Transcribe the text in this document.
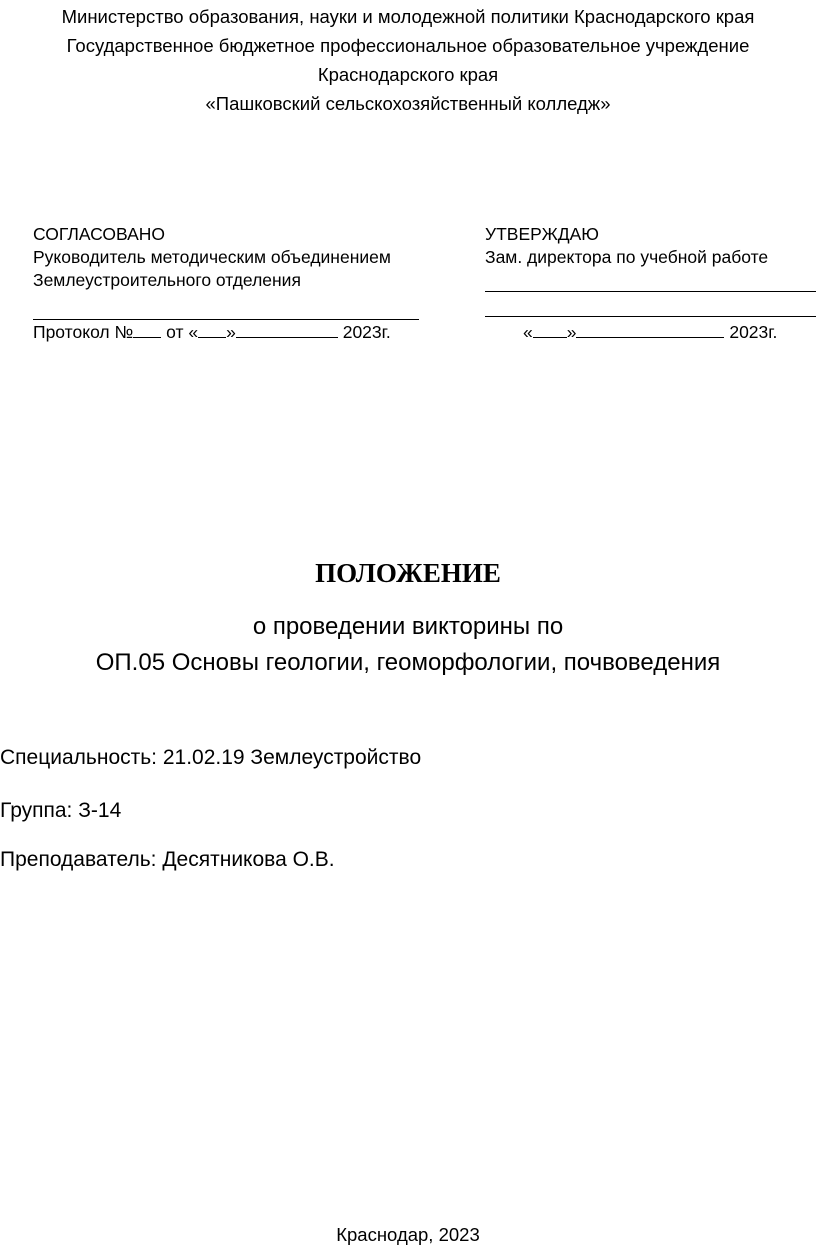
Министерство образования, науки и молодежной политики Краснодарского края
Государственное бюджетное профессиональное образовательное учреждение
Краснодарского края
«Пашковский сельскохозяйственный колледж»
СОГЛАСОВАНО
Руководитель методическим объединением
Землеустроительного отделения
Протокол № от « »	2023г.
УТВЕРЖДАЮ
Зам. директора по учебной работе
« »	2023г.
ПОЛОЖЕНИЕ
о проведении викторины по
ОП.05 Основы геологии, геоморфологии, почвоведения
Специальность: 21.02.19 Землеустройство
Группа: З-14
Преподаватель: Десятникова О.В.
Краснодар, 2023
